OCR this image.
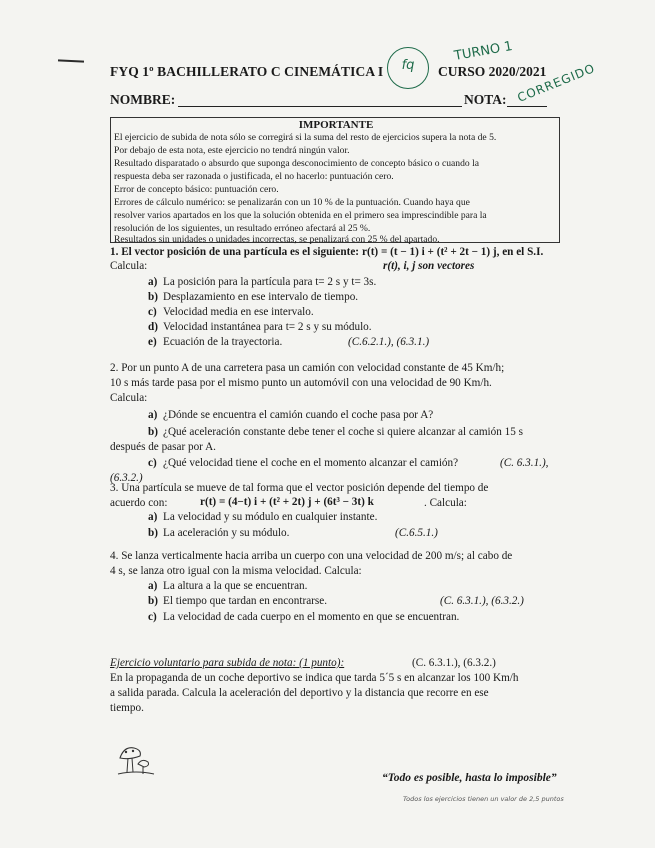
FYQ 1º BACHILLERATO C CINEMÁTICA I	fq	CURSO 2020/2021
TURNO 1
CORREGIDO
NOMBRE:	NOTA:
IMPORTANTE
El ejercicio de subida de nota sólo se corregirá si la suma del resto de ejercicios supera la nota de 5.
Por debajo de esta nota, este ejercicio no tendrá ningún valor.
Resultado disparatado o absurdo que suponga desconocimiento de concepto básico o cuando la
respuesta deba ser razonada o justificada, el no hacerlo: puntuación cero.
Error de concepto básico: puntuación cero.
Errores de cálculo numérico: se penalizarán con un 10 % de la puntuación. Cuando haya que
resolver varios apartados en los que la solución obtenida en el primero sea imprescindible para la
resolución de los siguientes, un resultado erróneo afectará al 25 %.
Resultados sin unidades o unidades incorrectas, se penalizará con 25 % del apartado.
1. El vector posición de una partícula es el siguiente: r(t) = (t − 1) i + (t² + 2t − 1) j, en el S.I.
Calcula:	r(t), i, j son vectores
a) La posición para la partícula para t= 2 s y t= 3s.
b) Desplazamiento en ese intervalo de tiempo.
c) Velocidad media en ese intervalo.
d) Velocidad instantánea para t= 2 s y su módulo.
e) Ecuación de la trayectoria.	(C.6.2.1.), (6.3.1.)
2. Por un punto A de una carretera pasa un camión con velocidad constante de 45 Km/h;
10 s más tarde pasa por el mismo punto un automóvil con una velocidad de 90 Km/h.
Calcula:
a) ¿Dónde se encuentra el camión cuando el coche pasa por A?
b) ¿Qué aceleración constante debe tener el coche si quiere alcanzar al camión 15 s
después de pasar por A.
c) ¿Qué velocidad tiene el coche en el momento alcanzar el camión?	(C. 6.3.1.),
(6.3.2.)
3. Una partícula se mueve de tal forma que el vector posición depende del tiempo de
acuerdo con:	r(t) = (4−t) i + (t² + 2t) j + (6t³ − 3t) k	. Calcula:
a) La velocidad y su módulo en cualquier instante.
b) La aceleración y su módulo.	(C.6.5.1.)
4. Se lanza verticalmente hacia arriba un cuerpo con una velocidad de 200 m/s; al cabo de
4 s, se lanza otro igual con la misma velocidad. Calcula:
a) La altura a la que se encuentran.
b) El tiempo que tardan en encontrarse.	(C. 6.3.1.), (6.3.2.)
c) La velocidad de cada cuerpo en el momento en que se encuentran.
Ejercicio voluntario para subida de nota: (1 punto):	(C. 6.3.1.), (6.3.2.)
En la propaganda de un coche deportivo se indica que tarda 5´5 s en alcanzar los 100 Km/h
a salida parada. Calcula la aceleración del deportivo y la distancia que recorre en ese
tiempo.
“Todo es posible, hasta lo imposible”
Todos los ejercicios tienen un valor de 2,5 puntos
